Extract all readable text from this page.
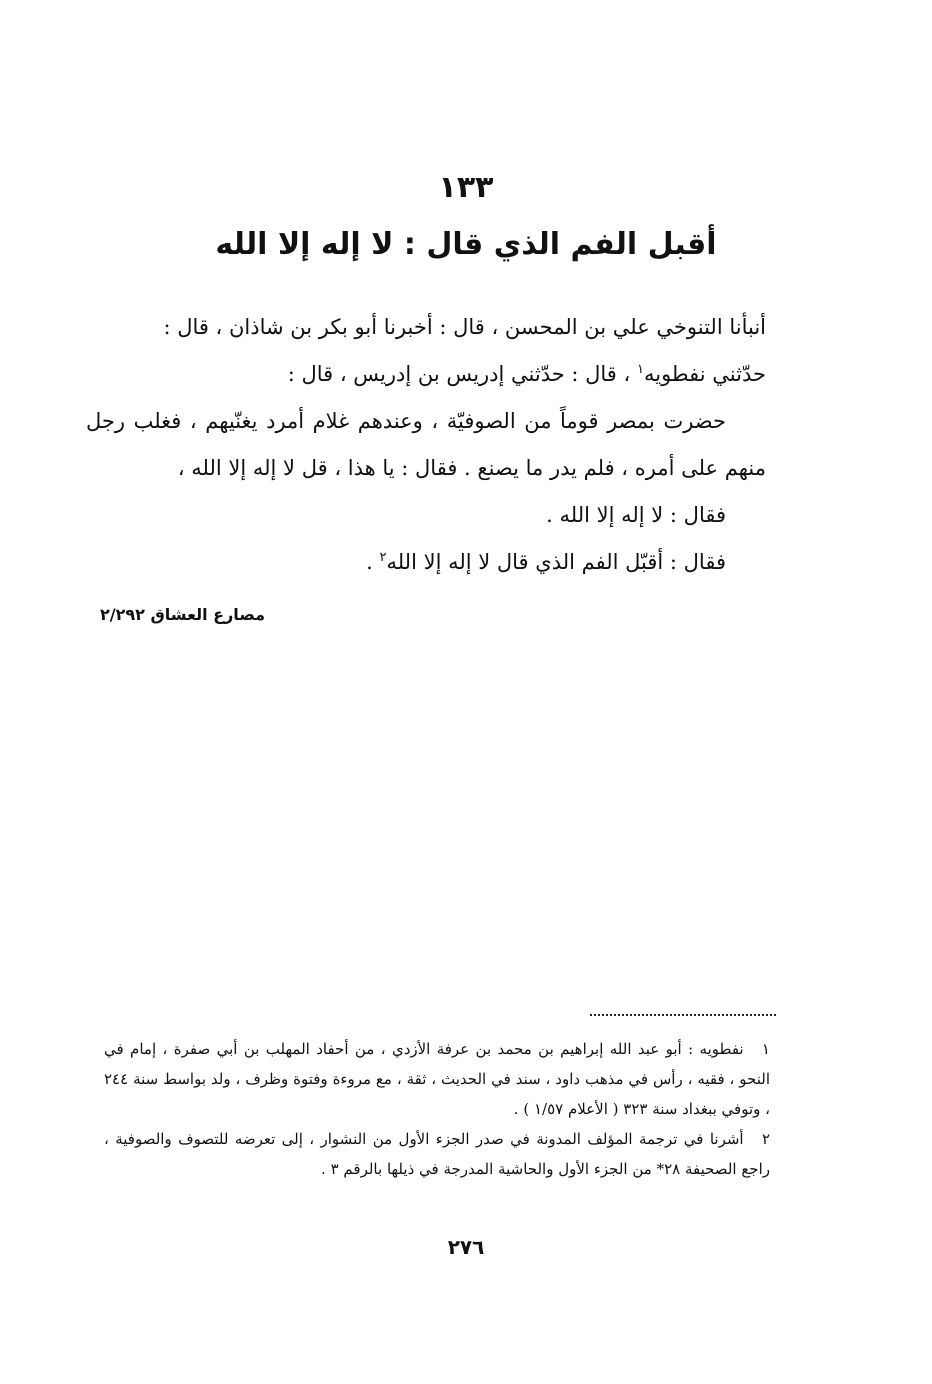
١٣٣
أقبل الفم الذي قال : لا إله إلا الله

أنبأنا التنوخي علي بن المحسن ، قال : أخبرنا أبو بكر بن شاذان ، قال :

حدّثني نفطويه$^١$ ، قال : حدّثني إدريس بن إدريس ، قال :

حضرت بمصر قوماً من الصوفيّة ، وعندهم غلام أمرد يغنّيهم ، فغلب رجل منهم على أمره ، فلم يدر ما يصنع . فقال : يا هذا ، قل لا إله إلا الله ،

فقال : لا إله إلا الله .

فقال : أقبّل الفم الذي قال لا إله إلا الله$^٢$ .

مصارع العشاق ٢/٢٩٢

١ نفطويه : أبو عبد الله إبراهيم بن محمد بن عرفة الأزدي ، من أحفاد المهلب بن أبي صفرة ، إمام في النحو ، فقيه ، رأس في مذهب داود ، سند في الحديث ، ثقة ، مع مروءة وفتوة وظرف ، ولد بواسط سنة ٢٤٤ ، وتوفي ببغداد سنة ٣٢٣ ( الأعلام ١/٥٧ ) .

٢ أشرنا في ترجمة المؤلف المدونة في صدر الجزء الأول من النشوار ، إلى تعرضه للتصوف والصوفية ، راجع الصحيفة ٢٨* من الجزء الأول والحاشية المدرجة في ذيلها بالرقم ٣ .

٢٧٦
